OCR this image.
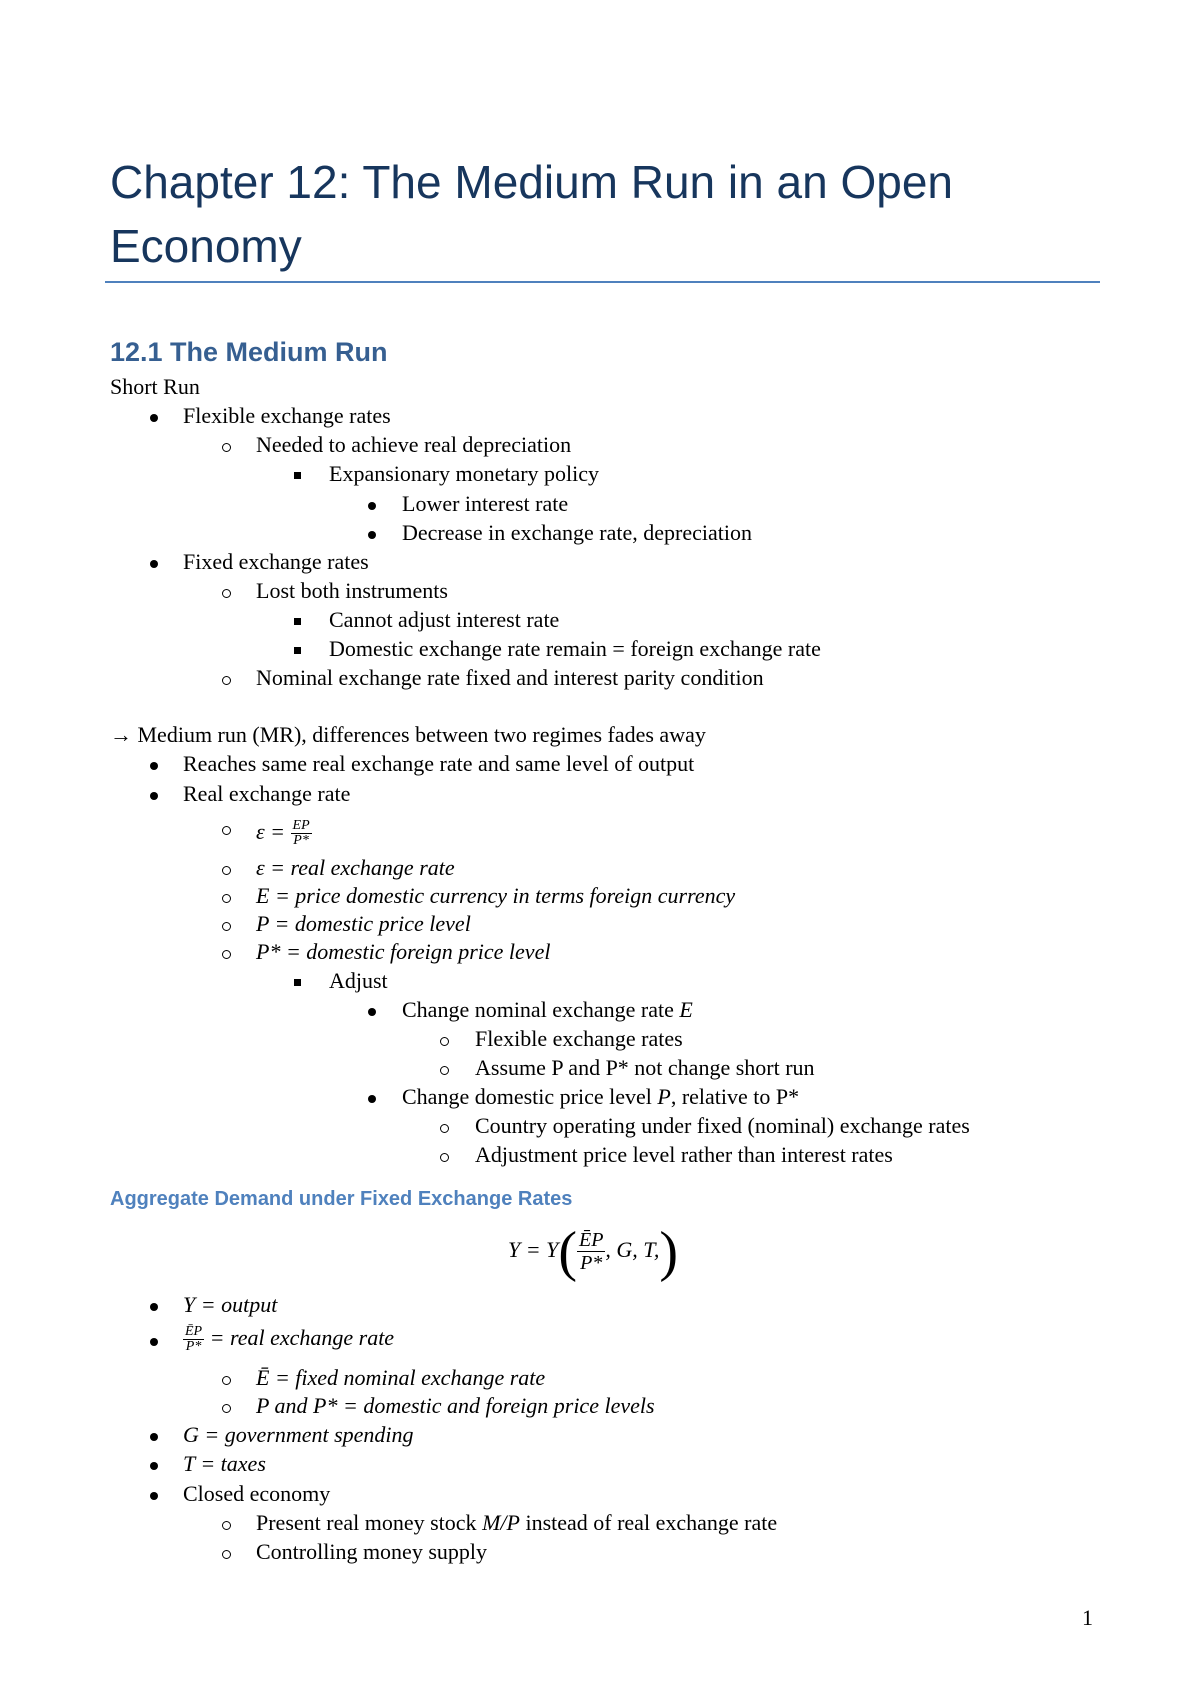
Chapter 12: The Medium Run in an Open
Economy
12.1 The Medium Run
Short Run
Flexible exchange rates
Needed to achieve real depreciation
Expansionary monetary policy
Lower interest rate
Decrease in exchange rate, depreciation
Fixed exchange rates
Lost both instruments
Cannot adjust interest rate
Domestic exchange rate remain = foreign exchange rate
Nominal exchange rate fixed and interest parity condition
→ Medium run (MR), differences between two regimes fades away
Reaches same real exchange rate and same level of output
Real exchange rate
$\varepsilon = \frac{EP}{P*}$
ε = real exchange rate
E = price domestic currency in terms foreign currency
P = domestic price level
P* = domestic foreign price level
Adjust
Change nominal exchange rate E
Flexible exchange rates
Assume P and P* not change short run
Change domestic price level P, relative to P*
Country operating under fixed (nominal) exchange rates
Adjustment price level rather than interest rates
Aggregate Demand under Fixed Exchange Rates
$Y = Y( \frac{ĒP}{P*}$ , G, T,)
Y = output
$\frac{ĒP}{P*}$ = real exchange rate
Ē = fixed nominal exchange rate
P and P* = domestic and foreign price levels
G = government spending
T = taxes
Closed economy
Present real money stock M/P instead of real exchange rate
Controlling money supply
1
